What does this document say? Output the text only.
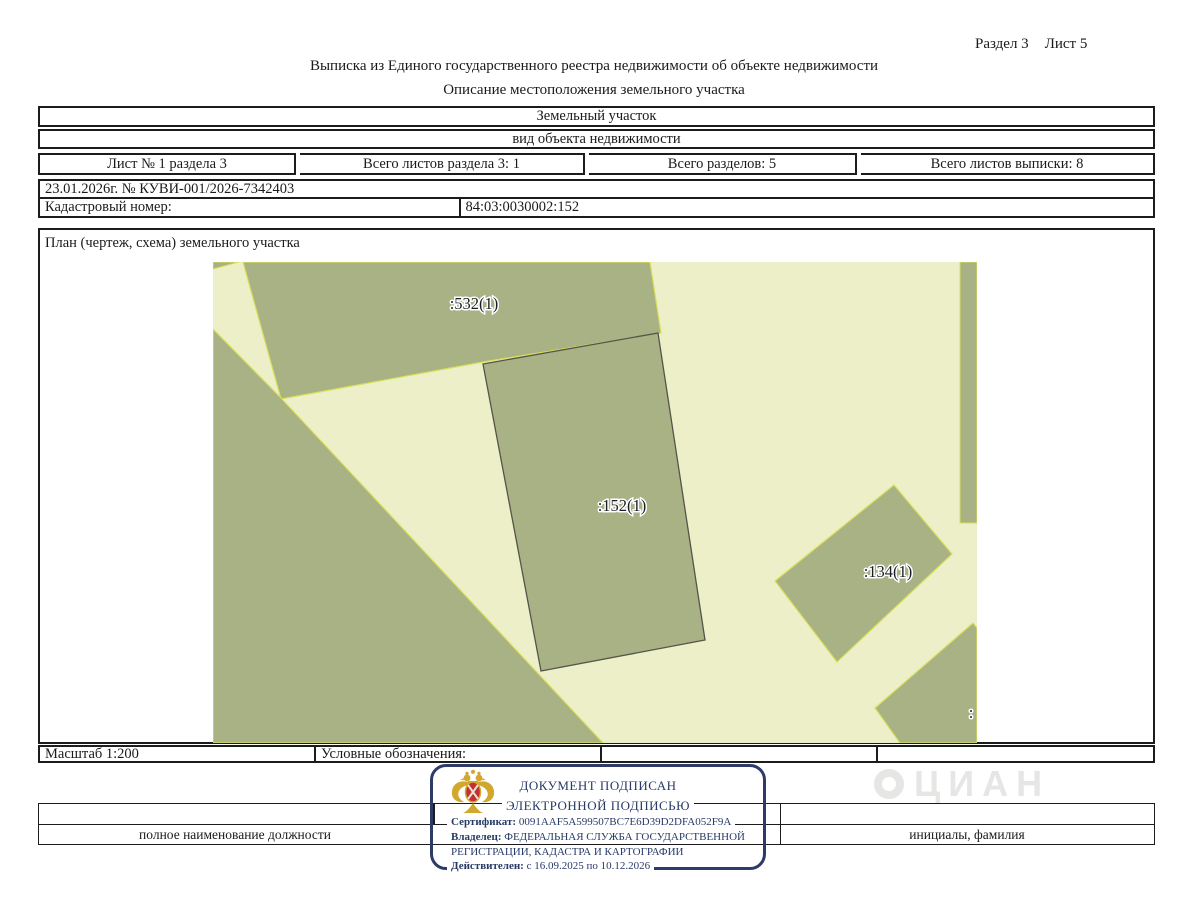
Раздел 3 Лист 5
Выписка из Единого государственного реестра недвижимости об объекте недвижимости
Описание местоположения земельного участка
Земельный участок
вид объекта недвижимости
Лист № 1 раздела 3	Всего листов раздела 3: 1	Всего разделов: 5	Всего листов выписки: 8
23.01.2026г. № КУВИ-001/2026-7342403
Кадастровый номер:	84:03:0030002:152
План (чертеж, схема) земельного участка
:532(1)
:152(1)
:134(1)
:
Масштаб 1:200	Условные обозначения:
ЦИАН
полное наименование должности	инициалы, фамилия
ДОКУМЕНТ ПОДПИСАН
ЭЛЕКТРОННОЙ ПОДПИСЬЮ
Сертификат: 0091AAF5A599507BC7E6D39D2DFA052F9A
Владелец: ФЕДЕРАЛЬНАЯ СЛУЖБА ГОСУДАРСТВЕННОЙ
РЕГИСТРАЦИИ, КАДАСТРА И КАРТОГРАФИИ
Действителен: с 16.09.2025 по 10.12.2026
